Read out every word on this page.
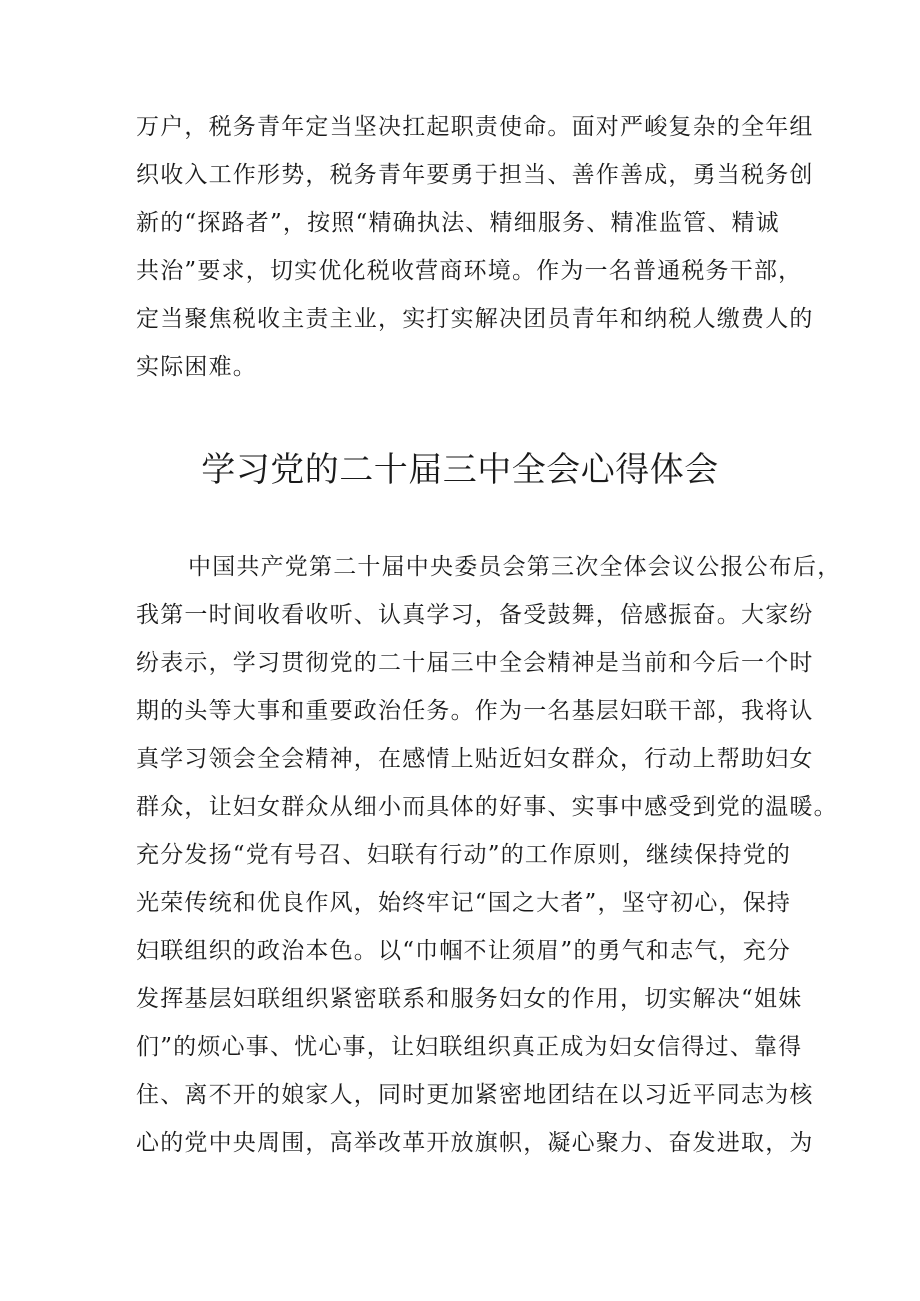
万户，税务青年定当坚决扛起职责使命。面对严峻复杂的全年组
织收入工作形势，税务青年要勇于担当、善作善成，勇当税务创
新的“探路者”，按照“精确执法、精细服务、精准监管、精诚
共治”要求，切实优化税收营商环境。作为一名普通税务干部，
定当聚焦税收主责主业，实打实解决团员青年和纳税人缴费人的
实际困难。
学习党的二十届三中全会心得体会
中国共产党第二十届中央委员会第三次全体会议公报公布后，
我第一时间收看收听、认真学习，备受鼓舞，倍感振奋。大家纷
纷表示，学习贯彻党的二十届三中全会精神是当前和今后一个时
期的头等大事和重要政治任务。作为一名基层妇联干部，我将认
真学习领会全会精神，在感情上贴近妇女群众，行动上帮助妇女
群众，让妇女群众从细小而具体的好事、实事中感受到党的温暖。
充分发扬“党有号召、妇联有行动”的工作原则，继续保持党的
光荣传统和优良作风，始终牢记“国之大者”，坚守初心，保持
妇联组织的政治本色。以“巾帼不让须眉”的勇气和志气，充分
发挥基层妇联组织紧密联系和服务妇女的作用，切实解决“姐妹
们”的烦心事、忧心事，让妇联组织真正成为妇女信得过、靠得
住、离不开的娘家人，同时更加紧密地团结在以习近平同志为核
心的党中央周围，高举改革开放旗帜，凝心聚力、奋发进取，为
